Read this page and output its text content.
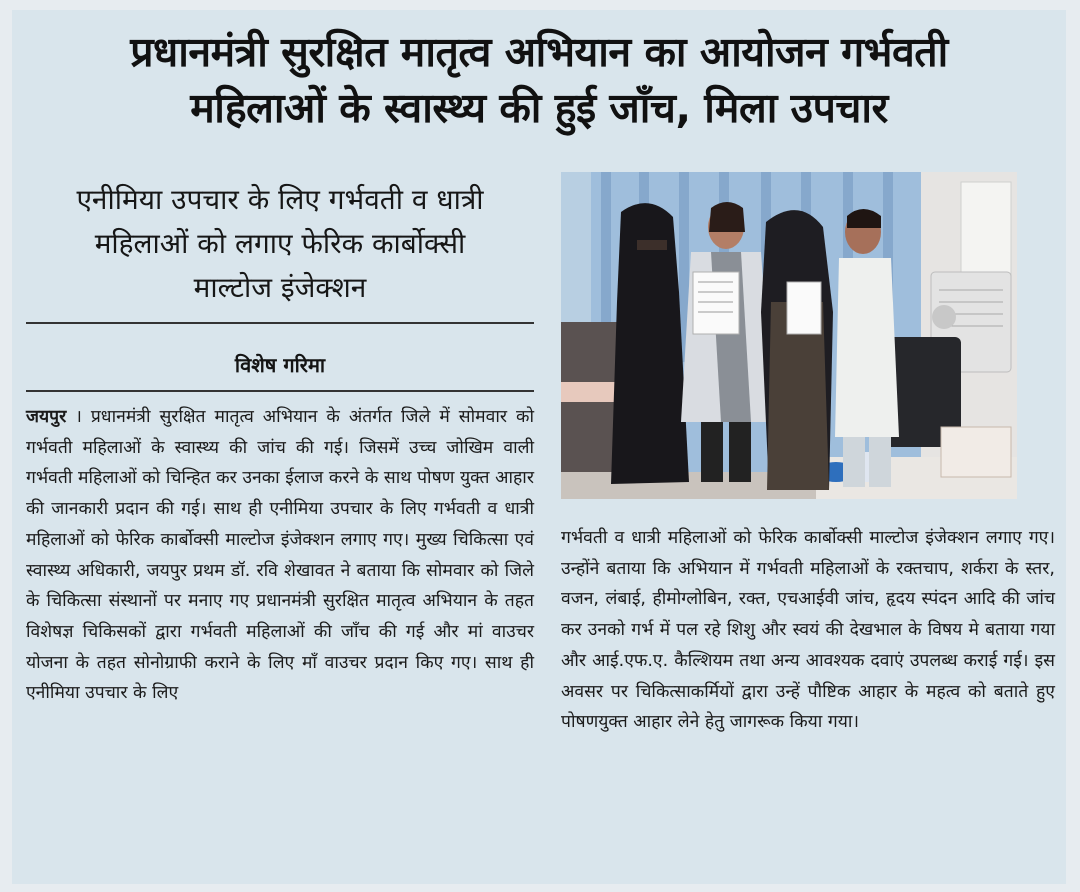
प्रधानमंत्री सुरक्षित मातृत्व अभियान का आयोजन गर्भवती
महिलाओं के स्वास्थ्य की हुई जाँच, मिला उपचार
एनीमिया उपचार के लिए गर्भवती व धात्री
महिलाओं को लगाए फेरिक कार्बोक्सी
माल्टोज इंजेक्शन
विशेष गरिमा
जयपुर । प्रधानमंत्री सुरक्षित मातृत्व अभियान के अंतर्गत जिले में सोमवार को गर्भवती महिलाओं के स्वास्थ्य की जांच की गई। जिसमें उच्च जोखिम वाली गर्भवती महिलाओं को चिन्हित कर उनका ईलाज करने के साथ पोषण युक्त आहार की जानकारी प्रदान की गई। साथ ही एनीमिया उपचार के लिए गर्भवती व धात्री महिलाओं को फेरिक कार्बोक्सी माल्टोज इंजेक्शन लगाए गए। मुख्य चिकित्सा एवं स्वास्थ्य अधिकारी, जयपुर प्रथम डॉ. रवि शेखावत ने बताया कि सोमवार को जिले के चिकित्सा संस्थानों पर मनाए गए प्रधानमंत्री सुरक्षित मातृत्व अभियान के तहत विशेषज्ञ चिकिसकों द्वारा गर्भवती महिलाओं की जाँच की गई और मां वाउचर योजना के तहत सोनोग्राफी कराने के लिए माँ वाउचर प्रदान किए गए। साथ ही एनीमिया उपचार के लिए
गर्भवती व धात्री महिलाओं को फेरिक कार्बोक्सी माल्टोज इंजेक्शन लगाए गए। उन्होंने बताया कि अभियान में गर्भवती महिलाओं के रक्तचाप, शर्करा के स्तर, वजन, लंबाई, हीमोग्लोबिन, रक्त, एचआईवी जांच, हृदय स्पंदन आदि की जांच कर उनको गर्भ में पल रहे शिशु और स्वयं की देखभाल के विषय मे बताया गया और आई.एफ.ए. कैल्शियम तथा अन्य आवश्यक दवाएं उपलब्ध कराई गई। इस अवसर पर चिकित्साकर्मियों द्वारा उन्हें पौष्टिक आहार के महत्व को बताते हुए पोषणयुक्त आहार लेने हेतु जागरूक किया गया।
